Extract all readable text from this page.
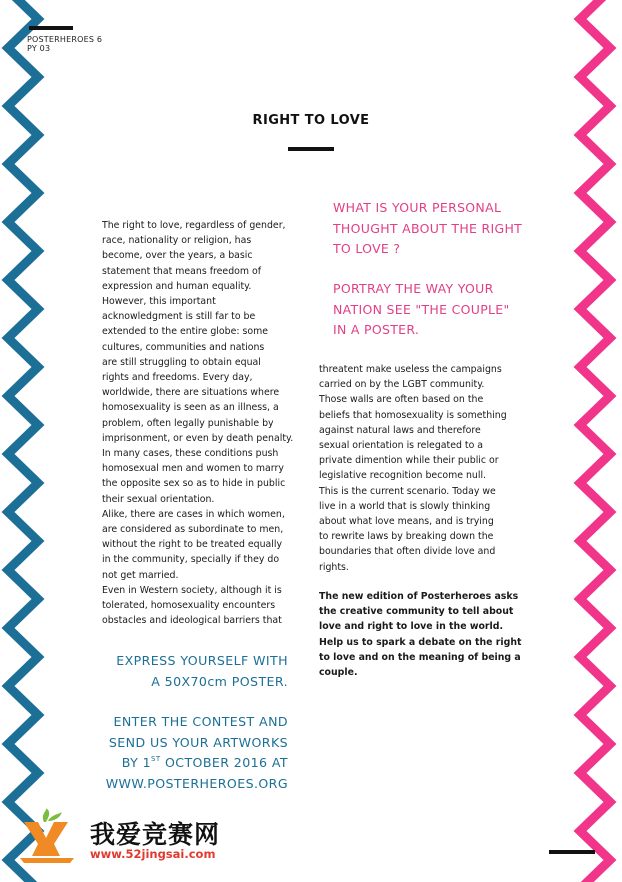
POSTERHEROES 6
PY 03
RIGHT TO LOVE
The right to love, regardless of gender,
race, nationality or religion, has
become, over the years, a basic
statement that means freedom of
expression and human equality.
However, this important
acknowledgment is still far to be
extended to the entire globe: some
cultures, communities and nations
are still struggling to obtain equal
rights and freedoms. Every day,
worldwide, there are situations where
homosexuality is seen as an illness, a
problem, often legally punishable by
imprisonment, or even by death penalty.
In many cases, these conditions push
homosexual men and women to marry
the opposite sex so as to hide in public
their sexual orientation.
Alike, there are cases in which women,
are considered as subordinate to men,
without the right to be treated equally
in the community, specially if they do
not get married.
Even in Western society, although it is
tolerated, homosexuality encounters
obstacles and ideological barriers that
WHAT IS YOUR PERSONAL
THOUGHT ABOUT THE RIGHT
TO LOVE ?
PORTRAY THE WAY YOUR
NATION SEE "THE COUPLE"
IN A POSTER.
threatent make useless the campaigns
carried on by the LGBT community.
Those walls are often based on the
beliefs that homosexuality is something
against natural laws and therefore
sexual orientation is relegated to a
private dimention while their public or
legislative recognition become null.
This is the current scenario. Today we
live in a world that is slowly thinking
about what love means, and is trying
to rewrite laws by breaking down the
boundaries that often divide love and
rights.
The new edition of Posterheroes asks
the creative community to tell about
love and right to love in the world.
Help us to spark a debate on the right
to love and on the meaning of being a
couple.
EXPRESS YOURSELF WITH
A 50X70cm POSTER.
ENTER THE CONTEST AND
SEND US YOUR ARTWORKS
BY 1ST OCTOBER 2016 AT
WWW.POSTERHEROES.ORG
我爱竞赛网
www.52jingsai.com
